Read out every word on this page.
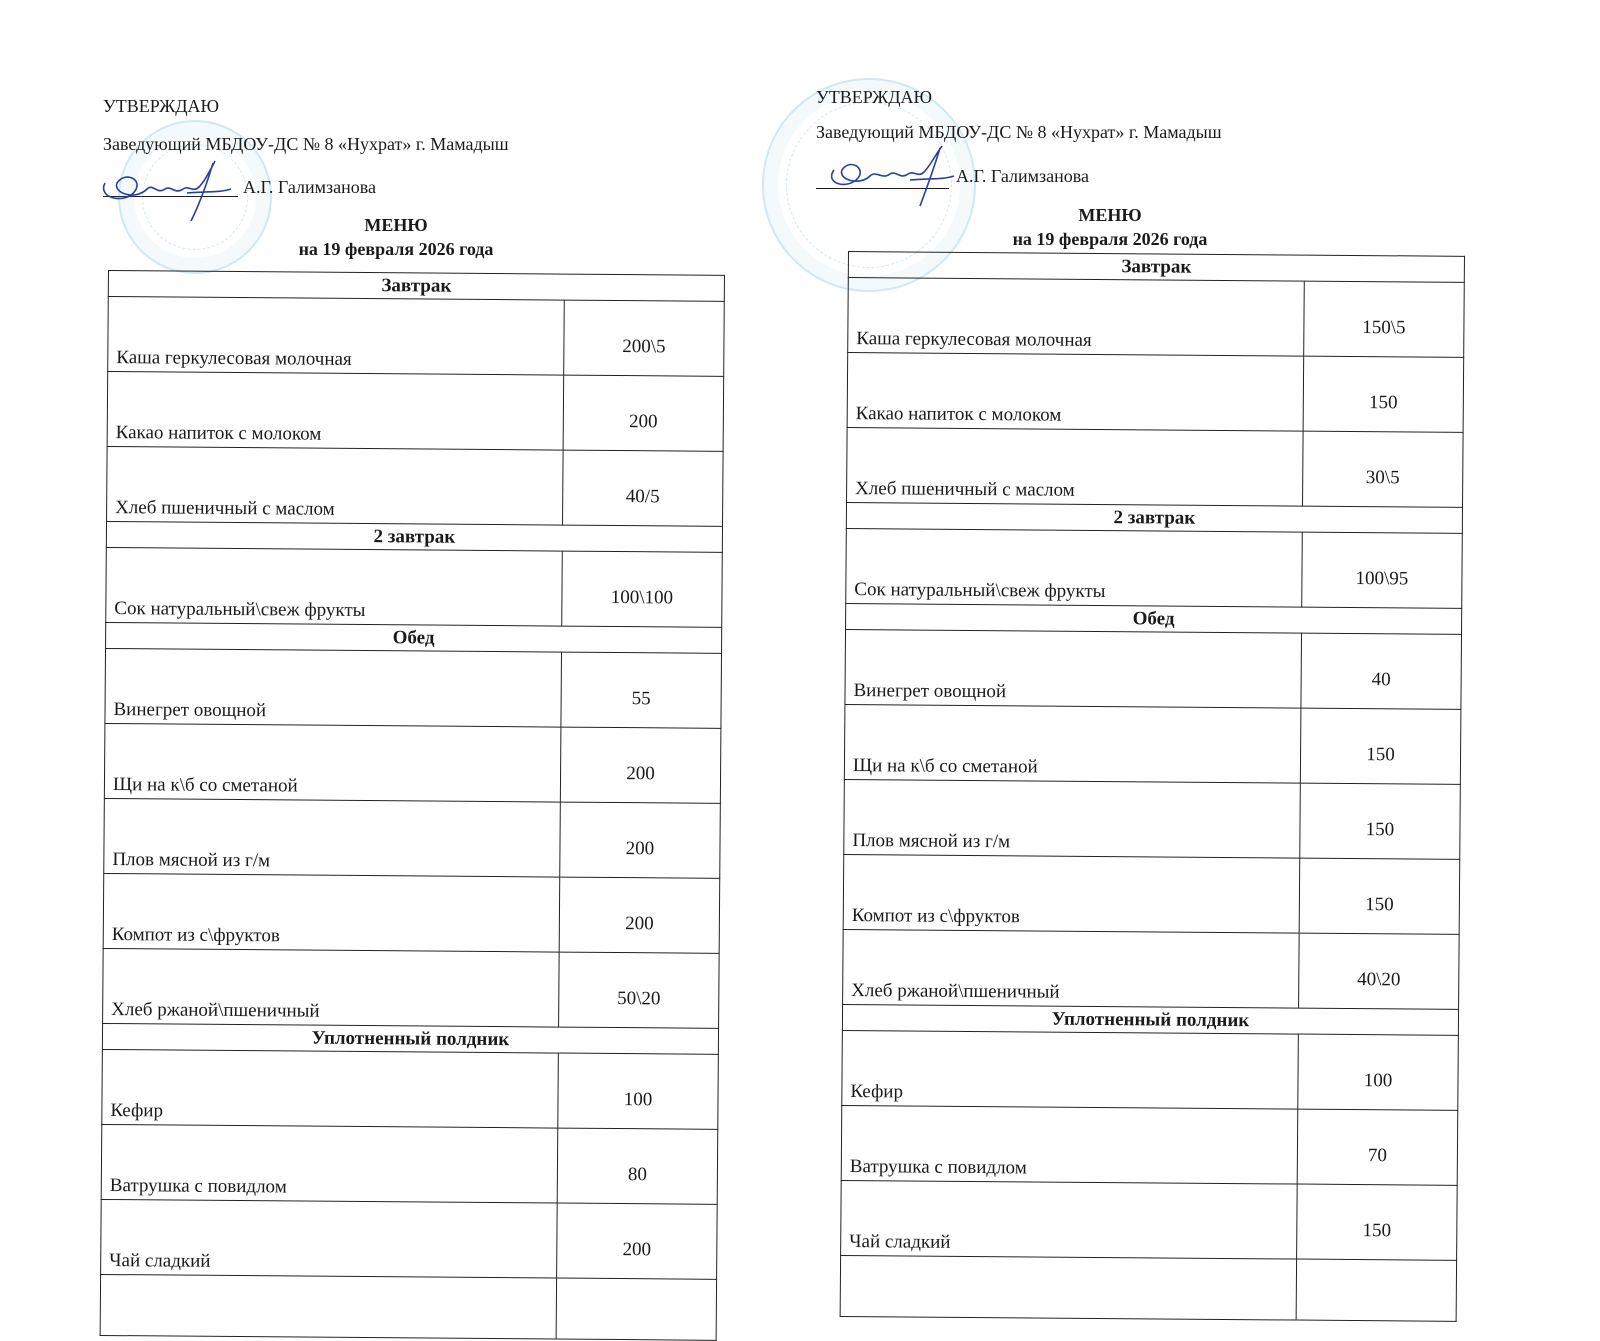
УТВЕРЖДАЮ
Заведующий МБДОУ-ДС № 8 «Нухрат» г. Мамадыш
А.Г. Галимзанова
МЕНЮ
на 19 февраля 2026 года
Завтрак	
Каша геркулесовая молочная	200\5
Какао напиток с молоком	200
Хлеб пшеничный с маслом	40/5
2 завтрак	
Сок натуральный\свеж фрукты	100\100
Обед	
Винегрет овощной	55
Щи на к\б со сметаной	200
Плов мясной из г/м	200
Компот из с\фруктов	200
Хлеб ржаной\пшеничный	50\20
Уплотненный полдник	
Кефир	100
Ватрушка с повидлом	80
Чай сладкий	200

УТВЕРЖДАЮ
Заведующий МБДОУ-ДС № 8 «Нухрат» г. Мамадыш
А.Г. Галимзанова
МЕНЮ
на 19 февраля 2026 года
Завтрак	
Каша геркулесовая молочная	150\5
Какао напиток с молоком	150
Хлеб пшеничный с маслом	30\5
2 завтрак	
Сок натуральный\свеж фрукты	100\95
Обед	
Винегрет овощной	40
Щи на к\б со сметаной	150
Плов мясной из г/м	150
Компот из с\фруктов	150
Хлеб ржаной\пшеничный	40\20
Уплотненный полдник	
Кефир	100
Ватрушка с повидлом	70
Чай сладкий	150
